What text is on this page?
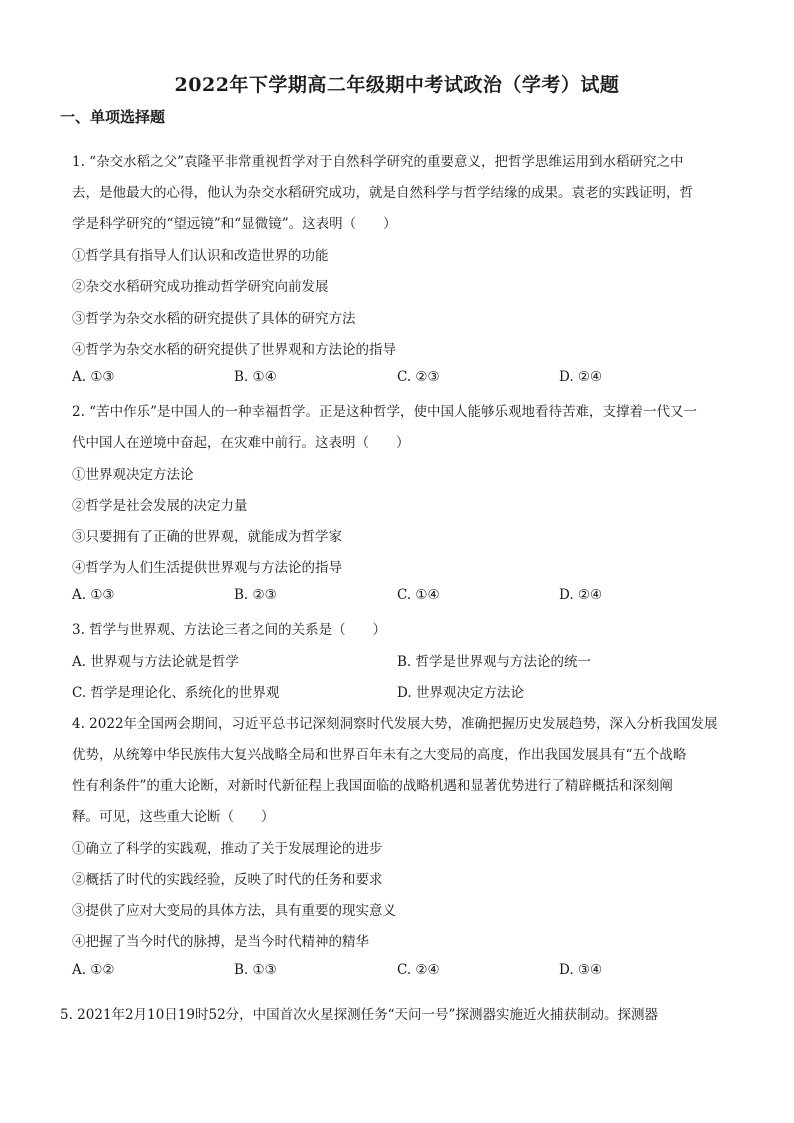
2022年下学期高二年级期中考试政治（学考）试题
一、单项选择题
1. “杂交水稻之父”袁隆平非常重视哲学对于自然科学研究的重要意义，把哲学思维运用到水稻研究之中
去，是他最大的心得，他认为杂交水稻研究成功，就是自然科学与哲学结缘的成果。袁老的实践证明，哲
学是科学研究的“望远镜”和“显微镜”。这表明（　　）
①哲学具有指导人们认识和改造世界的功能
②杂交水稻研究成功推动哲学研究向前发展
③哲学为杂交水稻的研究提供了具体的研究方法
④哲学为杂交水稻的研究提供了世界观和方法论的指导
A. ①③	B. ①④	C. ②③	D. ②④
2. “苦中作乐”是中国人的一种幸福哲学。正是这种哲学，使中国人能够乐观地看待苦难，支撑着一代又一
代中国人在逆境中奋起，在灾难中前行。这表明（　　）
①世界观决定方法论
②哲学是社会发展的决定力量
③只要拥有了正确的世界观，就能成为哲学家
④哲学为人们生活提供世界观与方法论的指导
A. ①③	B. ②③	C. ①④	D. ②④
3. 哲学与世界观、方法论三者之间的关系是（　　）
A. 世界观与方法论就是哲学	B. 哲学是世界观与方法论的统一
C. 哲学是理论化、系统化的世界观	D. 世界观决定方法论
4. 2022年全国两会期间，习近平总书记深刻洞察时代发展大势，准确把握历史发展趋势，深入分析我国发展
优势，从统筹中华民族伟大复兴战略全局和世界百年未有之大变局的高度，作出我国发展具有“五个战略
性有利条件”的重大论断，对新时代新征程上我国面临的战略机遇和显著优势进行了精辟概括和深刻阐
释。可见，这些重大论断（　　）
①确立了科学的实践观，推动了关于发展理论的进步
②概括了时代的实践经验，反映了时代的任务和要求
③提供了应对大变局的具体方法，具有重要的现实意义
④把握了当今时代的脉搏，是当今时代精神的精华
A. ①②	B. ①③	C. ②④	D. ③④
5. 2021年2月10日19时52分，中国首次火星探测任务“天问一号”探测器实施近火捕获制动。探测器
